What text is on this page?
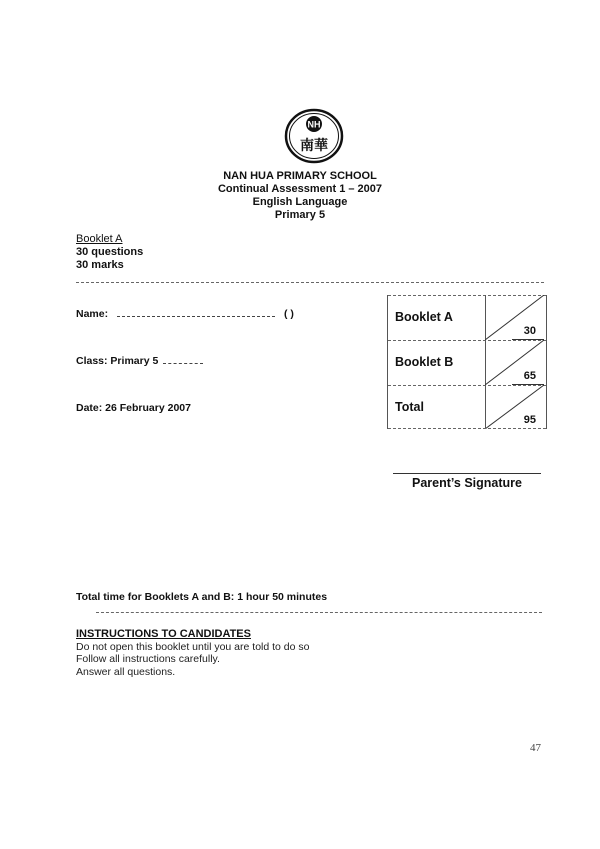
NH
南華
NAN HUA PRIMARY SCHOOL
Continual Assessment 1 – 2007
English Language
Primary 5
Booklet A
30 questions
30 marks
Name:	( )
Class: Primary 5
Date: 26 February 2007
Booklet A
30
Booklet B
65
Total
95
Parent’s Signature
Total time for Booklets A and B: 1 hour 50 minutes
INSTRUCTIONS TO CANDIDATES
Do not open this booklet until you are told to do so
Follow all instructions carefully.
Answer all questions.
47
